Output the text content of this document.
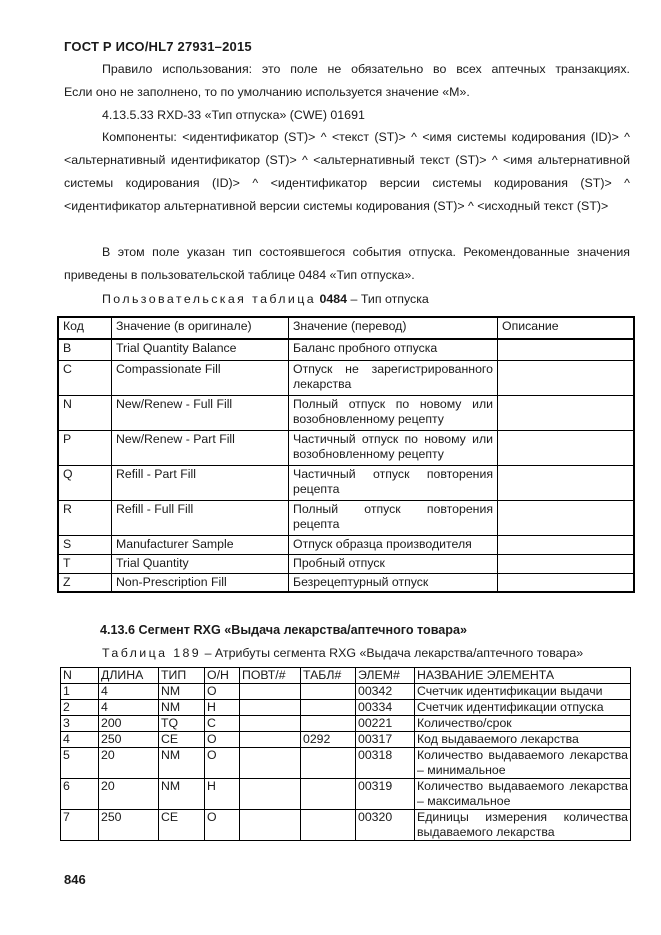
ГОСТ Р ИСО/HL7 27931–2015
Правило использования: это поле не обязательно во всех аптечных транзакциях.
Если оно не заполнено, то по умолчанию используется значение «M».
4.13.5.33 RXD-33 «Тип отпуска» (CWE) 01691
Компоненты: <идентификатор (ST)> ^ <текст (ST)> ^ <имя системы кодирования (ID)> ^ <альтернативный идентификатор (ST)> ^ <альтернативный текст (ST)> ^ <имя альтернативной системы кодирования (ID)> ^ <идентификатор версии системы кодирования (ST)> ^ <идентификатор альтернативной версии системы кодирования (ST)> ^ <исходный текст (ST)>
В этом поле указан тип состоявшегося события отпуска. Рекомендованные значения приведены в пользовательской таблице 0484 «Тип отпуска».
Пользовательская таблица 0484 – Тип отпуска
Код	Значение (в оригинале)	Значение (перевод)	Описание
B	Trial Quantity Balance	Баланс пробного отпуска	
C	Compassionate Fill	Отпуск не зарегистрированного лекарства	
N	New/Renew - Full Fill	Полный отпуск по новому или возобновленному рецепту	
P	New/Renew - Part Fill	Частичный отпуск по новому или возобновленному рецепту	
Q	Refill - Part Fill	Частичный отпуск повторения рецепта	
R	Refill - Full Fill	Полный отпуск повторения рецепта	
S	Manufacturer Sample	Отпуск образца производителя	
T	Trial Quantity	Пробный отпуск	
Z	Non-Prescription Fill	Безрецептурный отпуск	
4.13.6 Сегмент RXG «Выдача лекарства/аптечного товара»
Таблица 189 – Атрибуты сегмента RXG «Выдача лекарства/аптечного товара»
N	ДЛИНА	ТИП	О/Н	ПОВТ/#	ТАБЛ#	ЭЛЕМ#	НАЗВАНИЕ ЭЛЕМЕНТА
1	4	NM	О			00342	Счетчик идентификации выдачи
2	4	NM	Н			00334	Счетчик идентификации отпуска
3	200	TQ	С			00221	Количество/срок
4	250	CE	О		0292	00317	Код выдаваемого лекарства
5	20	NM	О			00318	Количество выдаваемого лекарства – минимальное
6	20	NM	Н			00319	Количество выдаваемого лекарства – максимальное
7	250	CE	О			00320	Единицы измерения количества выдаваемого лекарства
846
